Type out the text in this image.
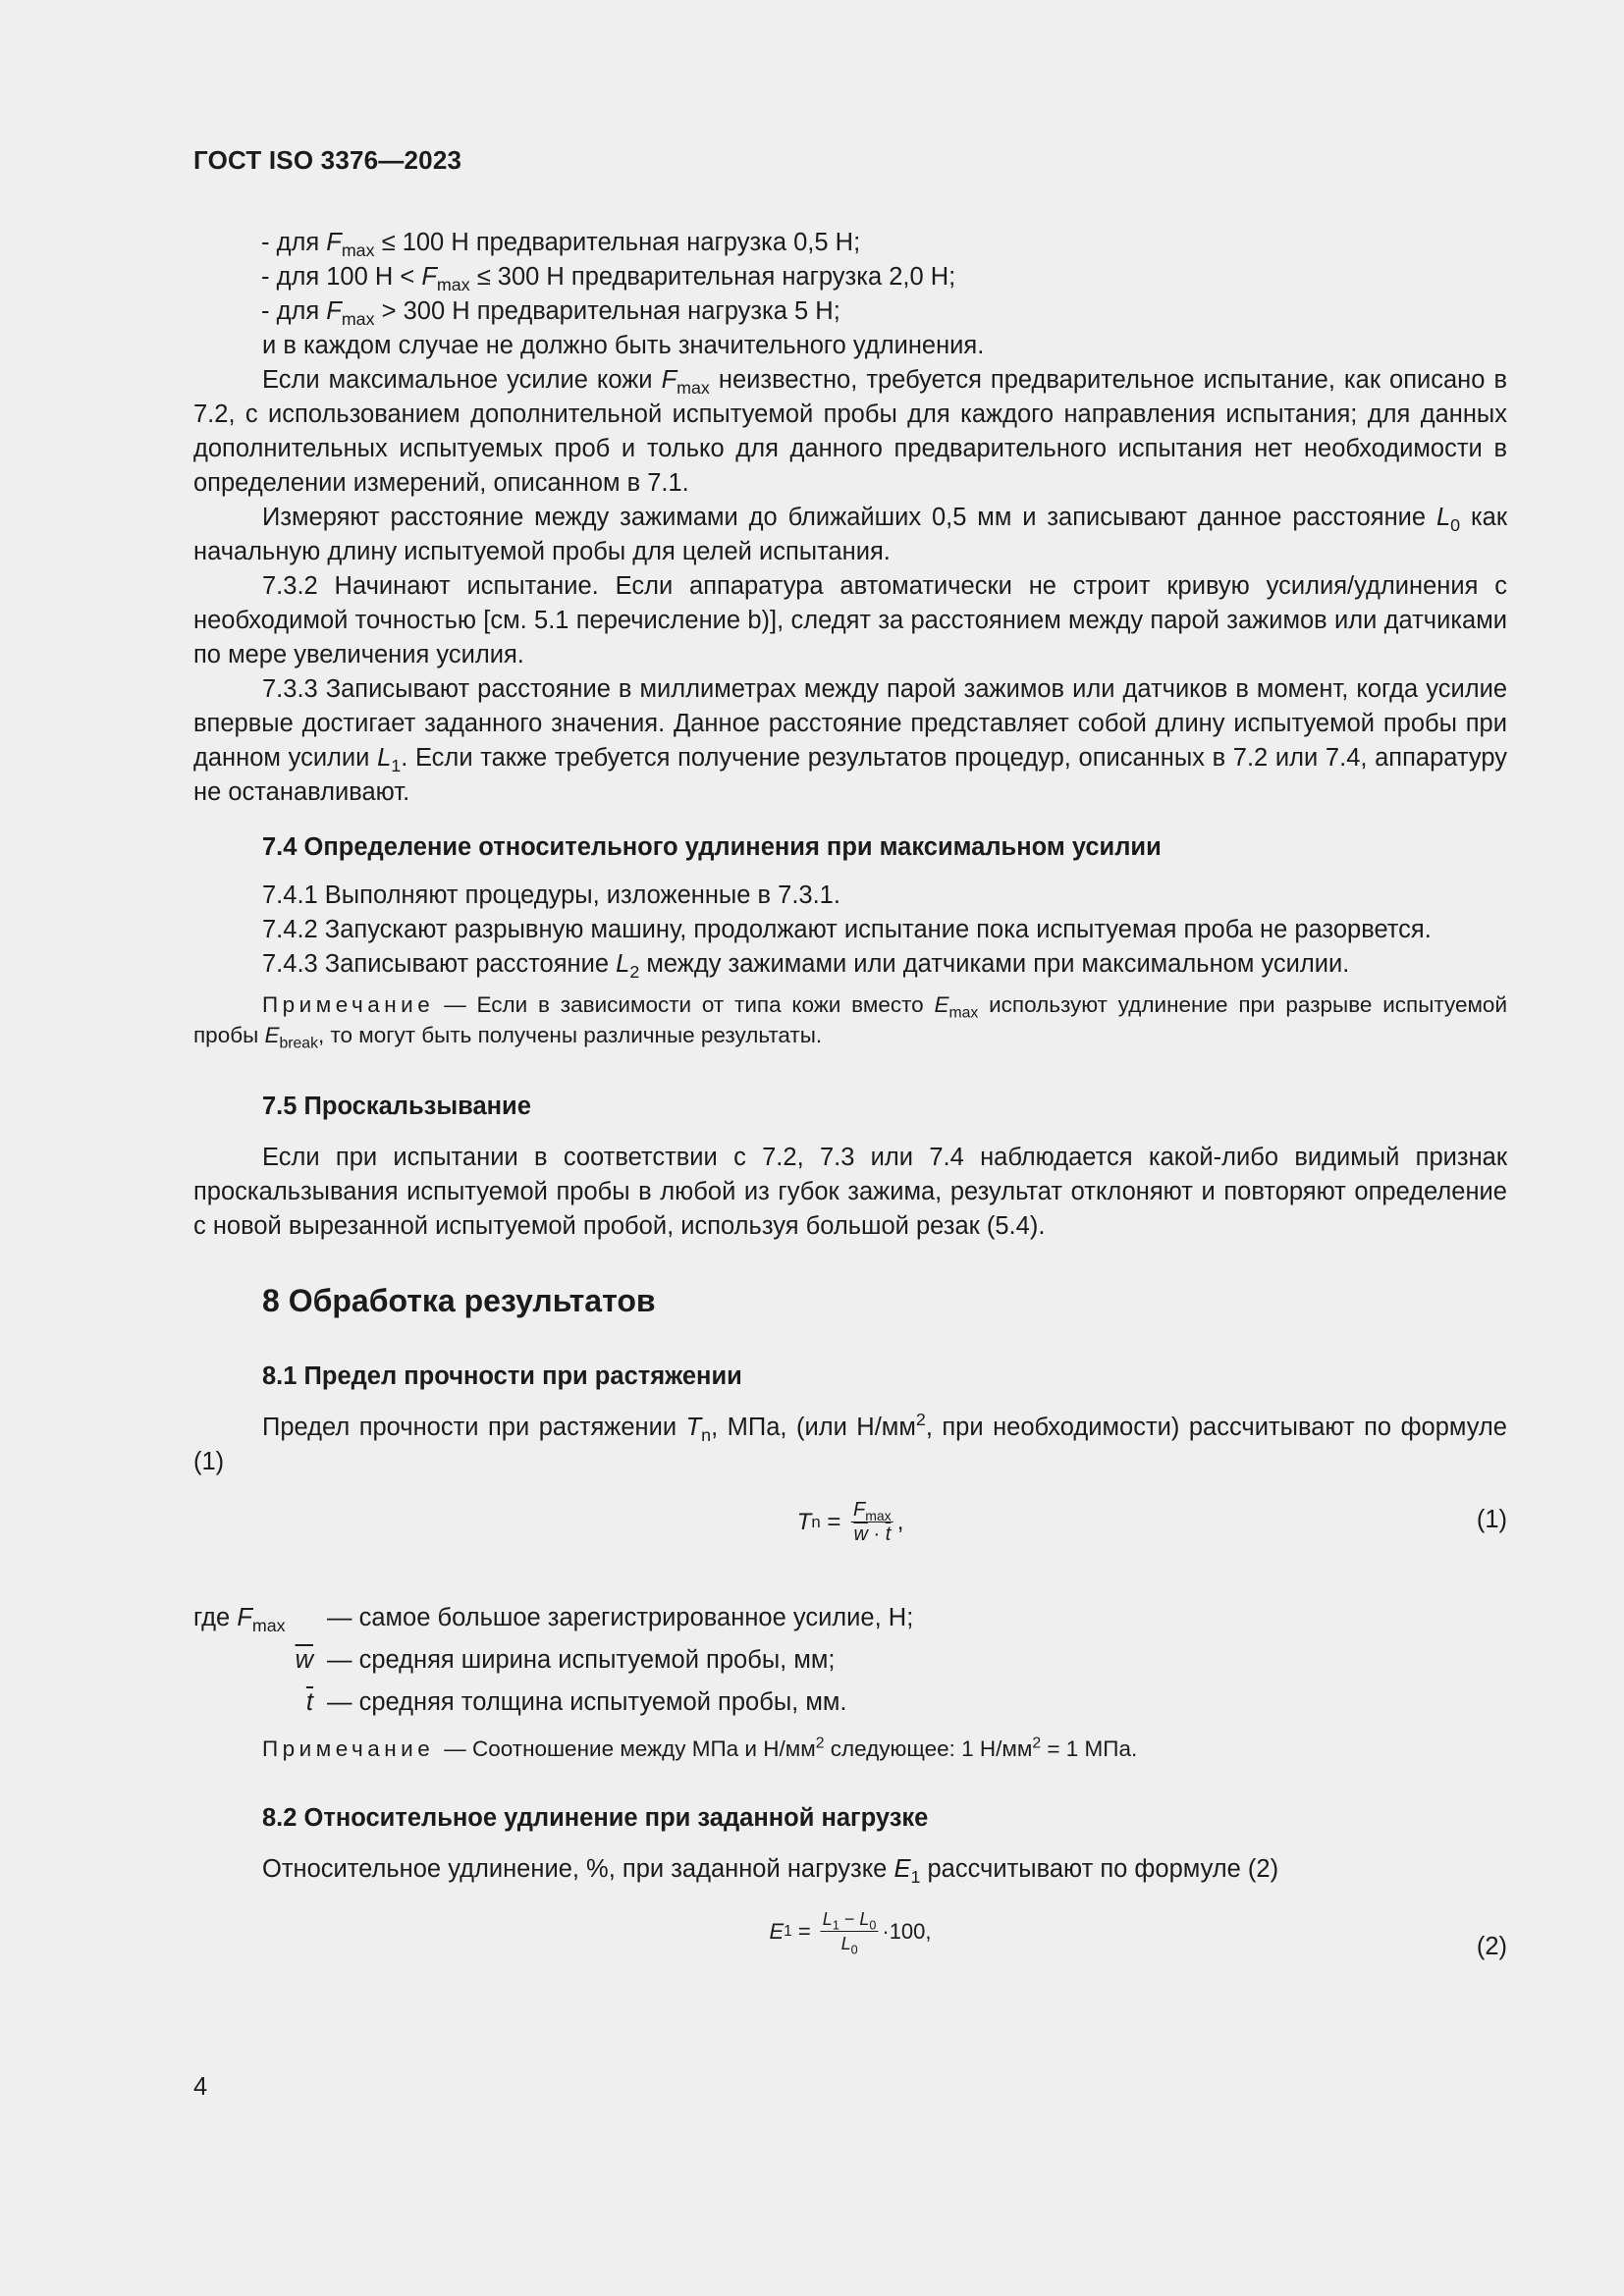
ГОСТ ISO 3376—2023

- для $F_{max} \le 100$ Н предварительная нагрузка 0,5 Н;

- для 100 $Н < F_{max} \le 300$ Н предварительная нагрузка 2,0 Н;

- для $F_{max} > 300$ Н предварительная нагрузка 5 Н;

и в каждом случае не должно быть значительного удлинения.

Если максимальное усилие кожи $F_{max}$ неизвестно, требуется предварительное испытание, как описано в 7.2, с использованием дополнительной испытуемой пробы для каждого направления испытания; для данных дополнительных испытуемых проб и только для данного предварительного испытания нет необходимости в определении измерений, описанном в 7.1.

Измеряют расстояние между зажимами до ближайших 0,5 мм и записывают данное расстояние $L_0$ как начальную длину испытуемой пробы для целей испытания.

7.3.2 Начинают испытание. Если аппаратура автоматически не строит кривую усилия/удлинения с необходимой точностью [см. 5.1 перечисление b)], следят за расстоянием между парой зажимов или датчиками по мере увеличения усилия.

7.3.3 Записывают расстояние в миллиметрах между парой зажимов или датчиков в момент, когда усилие впервые достигает заданного значения. Данное расстояние представляет собой длину испытуемой пробы при данном усилии $L_1$. Если также требуется получение результатов процедур, описанных в 7.2 или 7.4, аппаратуру не останавливают.

7.4 Определение относительного удлинения при максимальном усилии

7.4.1 Выполняют процедуры, изложенные в 7.3.1.

7.4.2 Запускают разрывную машину, продолжают испытание пока испытуемая проба не разорвется.

7.4.3 Записывают расстояние $L_2$ между зажимами или датчиками при максимальном усилии.

Примечание — Если в зависимости от типа кожи вместо $E_{max}$ используют удлинение при разрыве испытуемой пробы $E_{break}$, то могут быть получены различные результаты.

7.5 Проскальзывание

Если при испытании в соответствии с 7.2, 7.3 или 7.4 наблюдается какой-либо видимый признак проскальзывания испытуемой пробы в любой из губок зажима, результат отклоняют и повторяют определение с новой вырезанной испытуемой пробой, используя большой резак (5.4).

8 Обработка результатов

8.1 Предел прочности при растяжении

Предел прочности при растяжении $T_n$, МПа, (или $Н/мм^2$, при необходимости) рассчитывают по формуле (1)

T $n = \frac{F_{max}}{\overline{w} \cdot \overline{t}}$ ,	(1)
где $F_{max}$	— самое большое зарегистрированное усилие, Н;
$\overline{w}$ — средняя ширина испытуемой пробы, мм;
$\overline{t}$ — средняя толщина испытуемой пробы, мм.

Примечание — Соотношение между МПа и $Н/мм^2$ следующее: 1 $Н/мм^2 = 1$ МПа.

8.2 Относительное удлинение при заданной нагрузке

Относительное удлинение, %, при заданной нагрузке $E_1$ рассчитывают по формуле (2)

E $1 = \frac{L_1 - L_0}{L_0} \cdot 100$,
(2)
4
